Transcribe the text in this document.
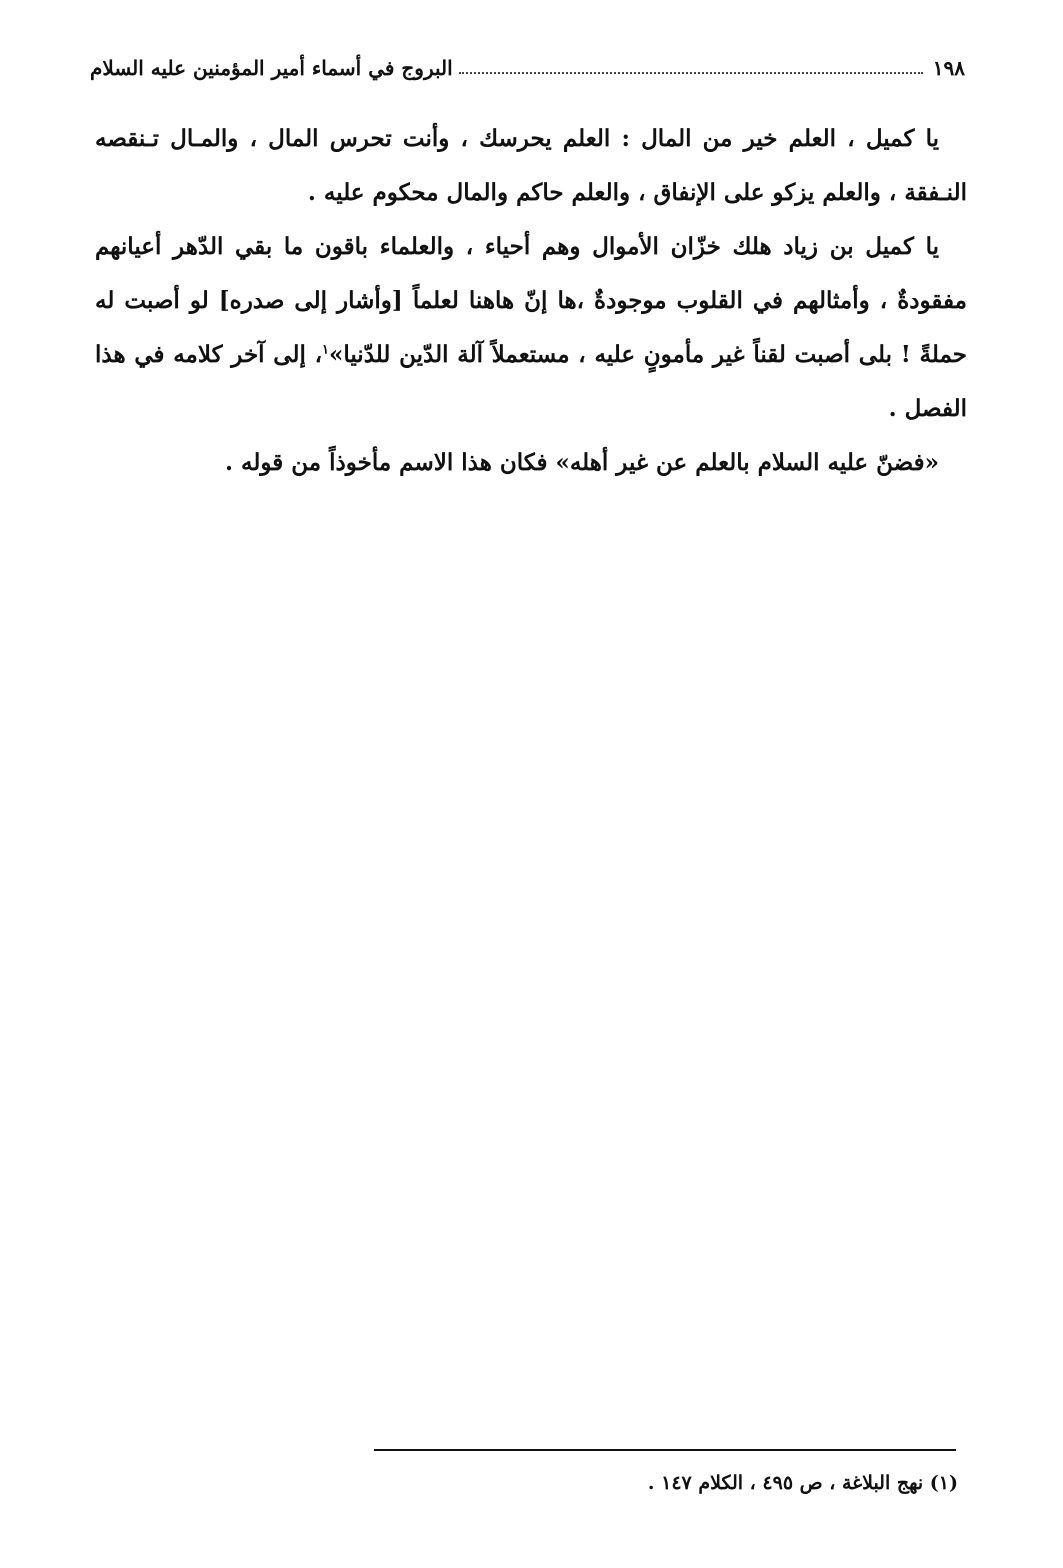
١٩٨
البروج في أسماء أمير المؤمنين عليه السلام

يا كميل ، العلم خير من المال : العلم يحرسك ، وأنت تحرس المال ، والمـال تـنقصه النـفقة ، والعلم يزكو على الإنفاق ، والعلم حاكم والمال محكوم عليه .

يا كميل بن زياد هلك خزّان الأموال وهم أحياء ، والعلماء باقون ما بقي الدّهر أعيانهم مفقودةٌ ، وأمثالهم في القلوب موجودةٌ ،ها إنّ هاهنا لعلماً [وأشار إلى صدره] لو أصبت له حملةً ! بلى أصبت لقناً غير مأمونٍ عليه ، مستعملاً آلة الدّين للدّنيا»$^١$، إلى آخر كلامه في هذا الفصل .

«فضنّ عليه السلام بالعلم عن غير أهله» فكان هذا الاسم مأخوذاً من قوله .

(١) نهج البلاغة ، ص ٤٩٥ ، الكلام ١٤٧ .
